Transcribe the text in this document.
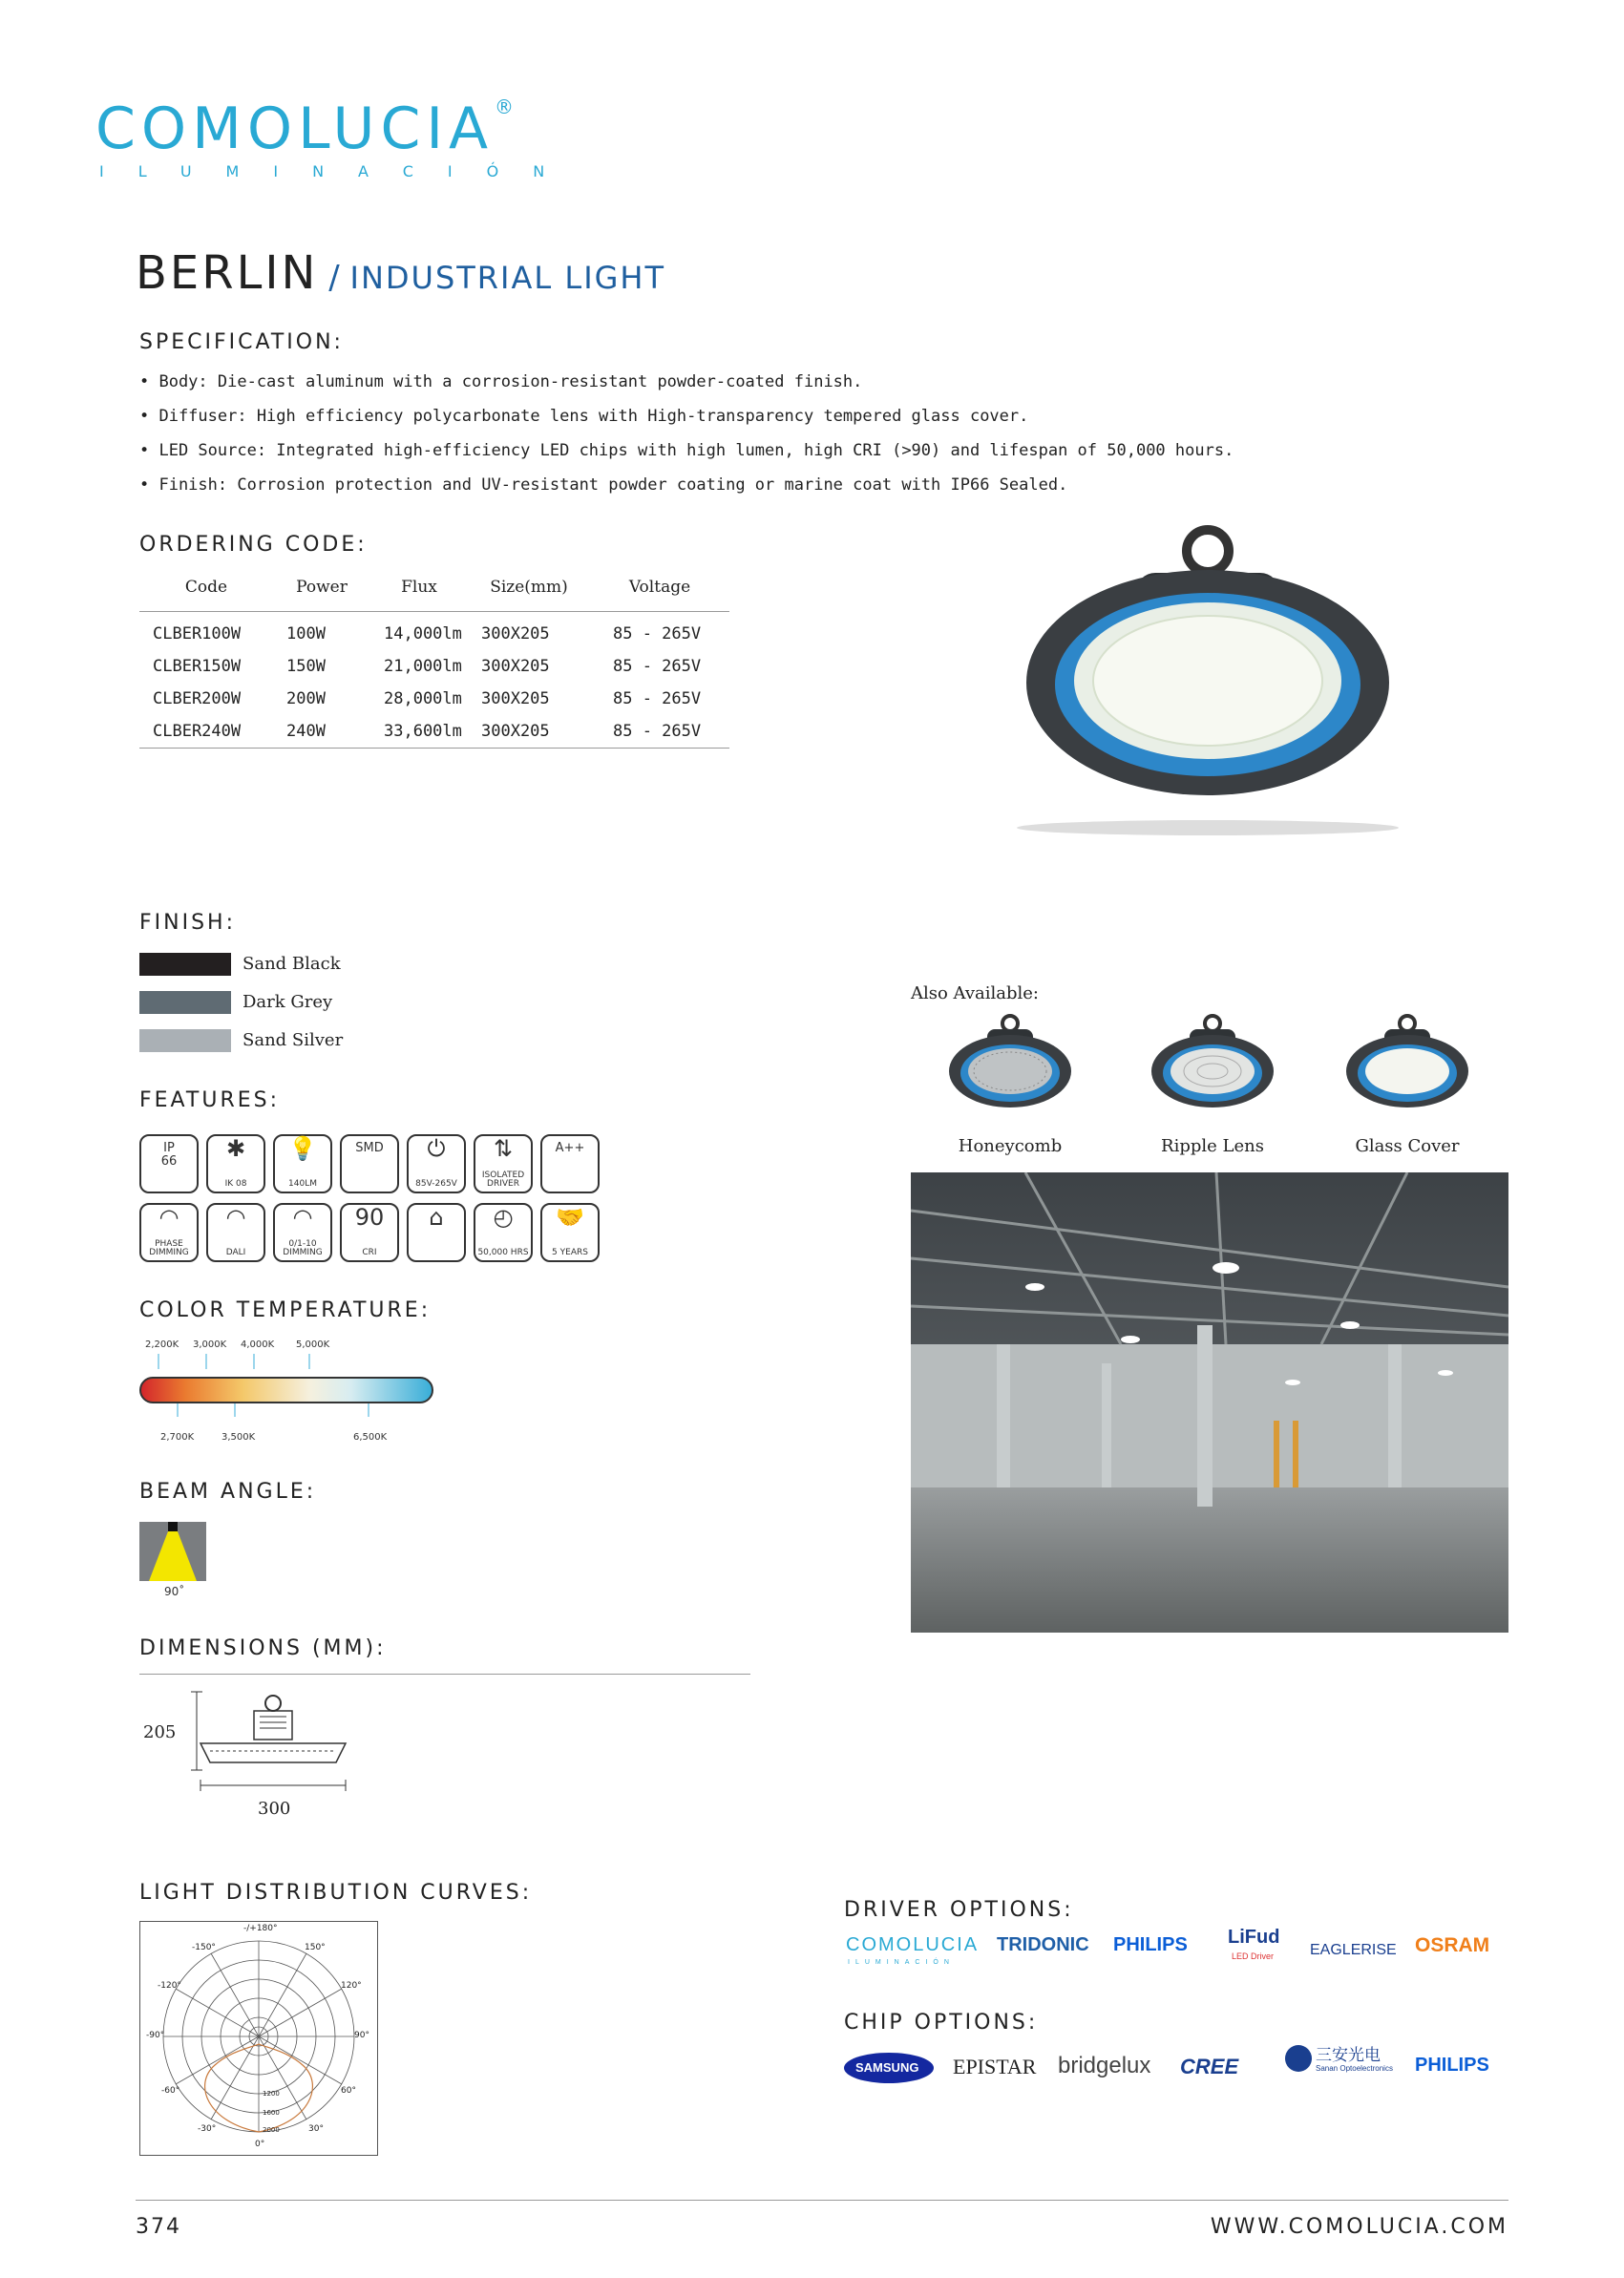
COMOLUCIA ®
ILUMINACIÓN
BERLIN / INDUSTRIAL LIGHT
SPECIFICATION:
• Body: Die-cast aluminum with a corrosion-resistant powder-coated finish.
• Diffuser: High efficiency polycarbonate lens with High-transparency tempered glass cover.
• LED Source: Integrated high-efficiency LED chips with high lumen, high CRI (>90) and lifespan of 50,000 hours.
• Finish: Corrosion protection and UV-resistant powder coating or marine coat with IP66 Sealed.
ORDERING CODE:
Code	Power	Flux	Size(mm)	Voltage
CLBER100W	100W	14,000lm	300X205	85 - 265V
CLBER150W	150W	21,000lm	300X205	85 - 265V
CLBER200W	200W	28,000lm	300X205	85 - 265V
CLBER240W	240W	33,600lm	300X205	85 - 265V
FINISH:
Sand Black
Dark Grey
Sand Silver
FEATURES:
IP
66	✱
IK 08
💡
140LM
SMD	⏻
85V-265V
⇅
ISOLATED DRIVER
A++
◠
PHASE DIMMING
◠
DALI
◠
0/1-10 DIMMING
90
CRI
⌂	◴
50,000 HRS
🤝
5 YEARS
COLOR TEMPERATURE:
2,200K 3,000K 4,000K 5,000K
2,700K	3,500K	6,500K
BEAM ANGLE:
90˚
DIMENSIONS (MM):
205
300
LIGHT DISTRIBUTION CURVES:
-/+180°
-150°	150°
-120°	120°
-90°	90°
-60°	60°
-30°	30°
0°
1200
1600
2000
Also Available:
Honeycomb	Ripple Lens	Glass Cover
DRIVER OPTIONS:
COMOLUCIA
ILUMINACIÓN
TRIDONIC PHILIPS LiFud
LED Driver EAGLERISE OSRAM
CHIP OPTIONS:
SAMSUNG EPISTAR bridgelux CREE	三安光电
Sanan Optoelectronics PHILIPS
374	WWW.COMOLUCIA.COM
